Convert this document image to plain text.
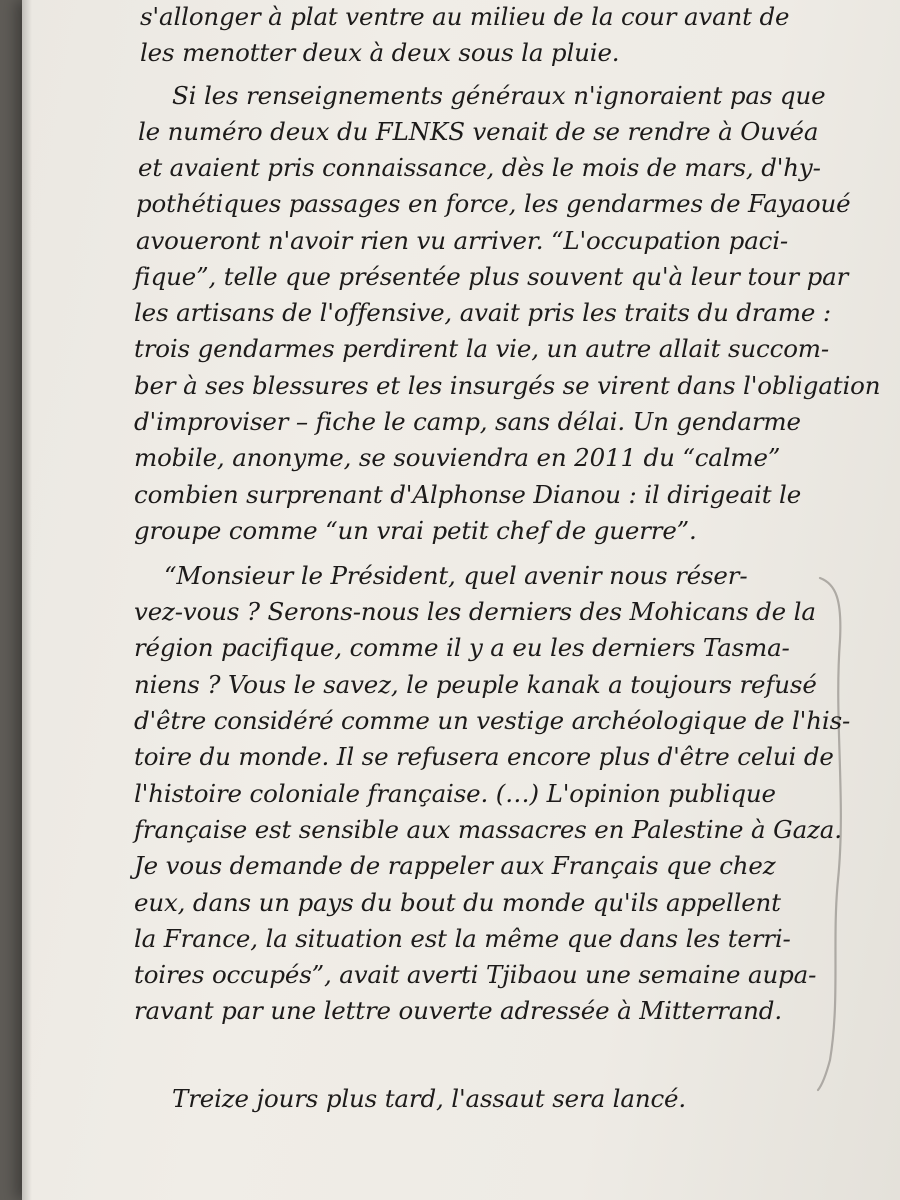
s'allonger à plat ventre au milieu de la cour avant de
les menotter deux à deux sous la pluie.
Si les renseignements généraux n'ignoraient pas que
le numéro deux du FLNKS venait de se rendre à Ouvéa
et avaient pris connaissance, dès le mois de mars, d'hy-
pothétiques passages en force, les gendarmes de Fayaoué
avoueront n'avoir rien vu arriver. “L'occupation paci-
fique”, telle que présentée plus souvent qu'à leur tour par
les artisans de l'offensive, avait pris les traits du drame :
trois gendarmes perdirent la vie, un autre allait succom-
ber à ses blessures et les insurgés se virent dans l'obligation
d'improviser – fiche le camp, sans délai. Un gendarme
mobile, anonyme, se souviendra en 2011 du “calme”
combien surprenant d'Alphonse Dianou : il dirigeait le
groupe comme “un vrai petit chef de guerre”.
“Monsieur le Président, quel avenir nous réser-
vez-vous ? Serons-nous les derniers des Mohicans de la
région pacifique, comme il y a eu les derniers Tasma-
niens ? Vous le savez, le peuple kanak a toujours refusé
d'être considéré comme un vestige archéologique de l'his-
toire du monde. Il se refusera encore plus d'être celui de
l'histoire coloniale française. (…) L'opinion publique
française est sensible aux massacres en Palestine à Gaza.
Je vous demande de rappeler aux Français que chez
eux, dans un pays du bout du monde qu'ils appellent
la France, la situation est la même que dans les terri-
toires occupés”, avait averti Tjibaou une semaine aupa-
ravant par une lettre ouverte adressée à Mitterrand.
Treize jours plus tard, l'assaut sera lancé.
